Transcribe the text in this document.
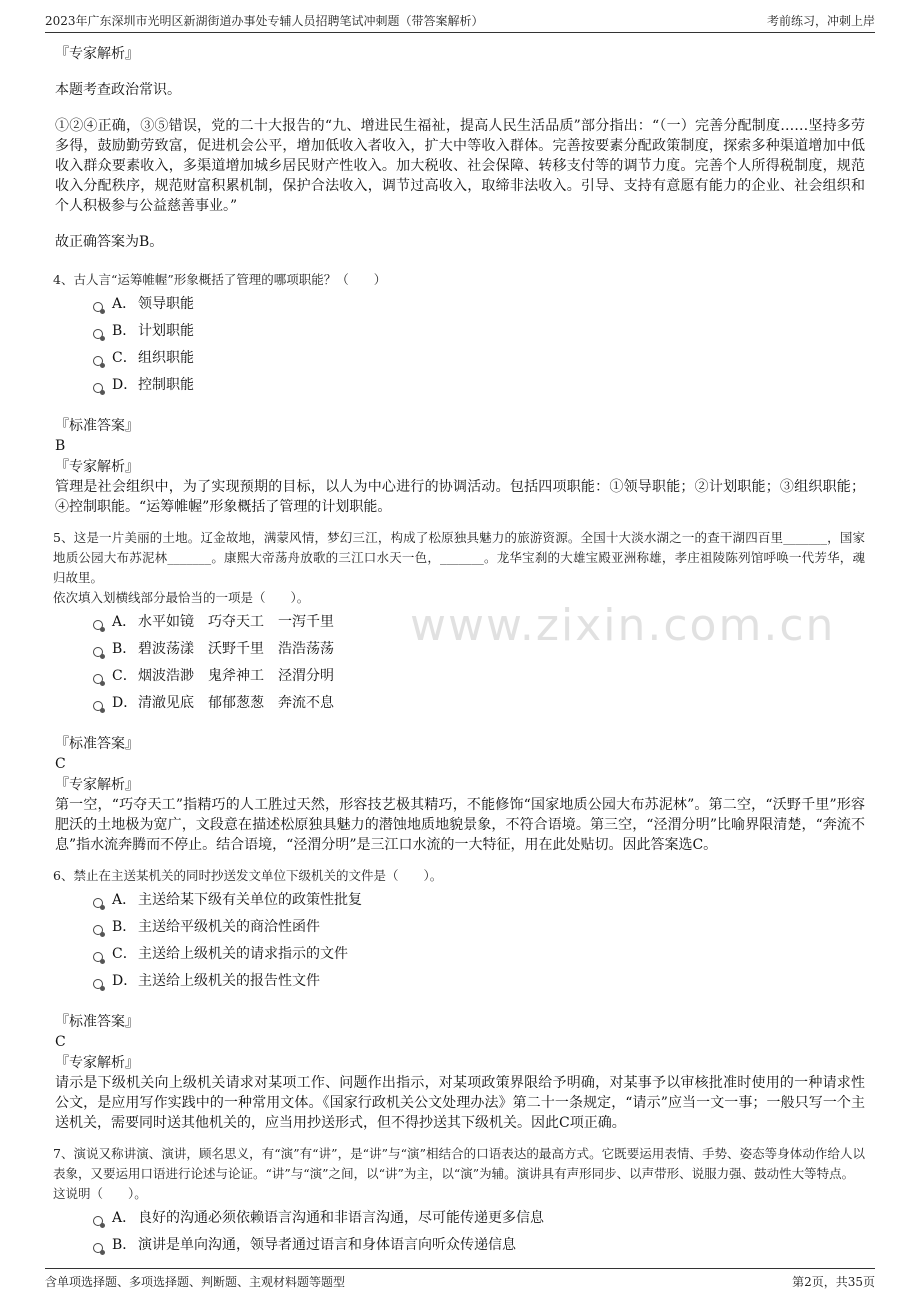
2023年广东深圳市光明区新湖街道办事处专辅人员招聘笔试冲刺题（带答案解析）	考前练习，冲刺上岸
www.zixin.com.cn
『专家解析』
本题考查政治常识。
①②④正确，③⑤错误，党的二十大报告的“九、增进民生福祉，提高人民生活品质”部分指出：“（一）完善分配制度……坚持多劳多得，鼓励勤劳致富，促进机会公平，增加低收入者收入，扩大中等收入群体。完善按要素分配政策制度，探索多种渠道增加中低收入群众要素收入，多渠道增加城乡居民财产性收入。加大税收、社会保障、转移支付等的调节力度。完善个人所得税制度，规范收入分配秩序，规范财富积累机制，保护合法收入，调节过高收入，取缔非法收入。引导、支持有意愿有能力的企业、社会组织和个人积极参与公益慈善事业。”
故正确答案为B。
4、古人言“运筹帷幄”形象概括了管理的哪项职能？（　　）
A． 领导职能
B． 计划职能
C． 组织职能
D． 控制职能
『标准答案』
B
『专家解析』
管理是社会组织中，为了实现预期的目标，以人为中心进行的协调活动。包括四项职能：①领导职能；②计划职能；③组织职能；④控制职能。“运筹帷幄”形象概括了管理的计划职能。
5、这是一片美丽的土地。辽金故地，满蒙风情，梦幻三江，构成了松原独具魅力的旅游资源。全国十大淡水湖之一的查干湖四百里_______，国家地质公园大布苏泥林_______。康熙大帝荡舟放歌的三江口水天一色，_______。龙华宝刹的大雄宝殿亚洲称雄，孝庄祖陵陈列馆呼唤一代芳华，魂归故里。
依次填入划横线部分最恰当的一项是（　　）。
A． 水平如镜　巧夺天工　一泻千里
B． 碧波荡漾　沃野千里　浩浩荡荡
C． 烟波浩渺　鬼斧神工　泾渭分明
D． 清澈见底　郁郁葱葱　奔流不息
『标准答案』
C
『专家解析』
第一空，“巧夺天工”指精巧的人工胜过天然，形容技艺极其精巧，不能修饰“国家地质公园大布苏泥林”。第二空，“沃野千里”形容肥沃的土地极为宽广，文段意在描述松原独具魅力的潜蚀地质地貌景象，不符合语境。第三空，“泾渭分明”比喻界限清楚，“奔流不息”指水流奔腾而不停止。结合语境，“泾渭分明”是三江口水流的一大特征，用在此处贴切。因此答案选C。
6、禁止在主送某机关的同时抄送发文单位下级机关的文件是（　　）。
A． 主送给某下级有关单位的政策性批复
B． 主送给平级机关的商洽性函件
C． 主送给上级机关的请求指示的文件
D． 主送给上级机关的报告性文件
『标准答案』
C
『专家解析』
请示是下级机关向上级机关请求对某项工作、问题作出指示，对某项政策界限给予明确，对某事予以审核批准时使用的一种请求性公文，是应用写作实践中的一种常用文体。《国家行政机关公文处理办法》第二十一条规定，“请示”应当一文一事；一般只写一个主送机关，需要同时送其他机关的，应当用抄送形式，但不得抄送其下级机关。因此C项正确。
7、演说又称讲演、演讲，顾名思义，有“演”有“讲”，是“讲”与“演”相结合的口语表达的最高方式。它既要运用表情、手势、姿态等身体动作给人以表象，又要运用口语进行论述与论证。“讲”与“演”之间，以“讲”为主，以“演”为辅。演讲具有声形同步、以声带形、说服力强、鼓动性大等特点。
这说明（　　）。
A． 良好的沟通必须依赖语言沟通和非语言沟通，尽可能传递更多信息
B． 演讲是单向沟通，领导者通过语言和身体语言向听众传递信息
含单项选择题、多项选择题、判断题、主观材料题等题型	第2页，共35页
